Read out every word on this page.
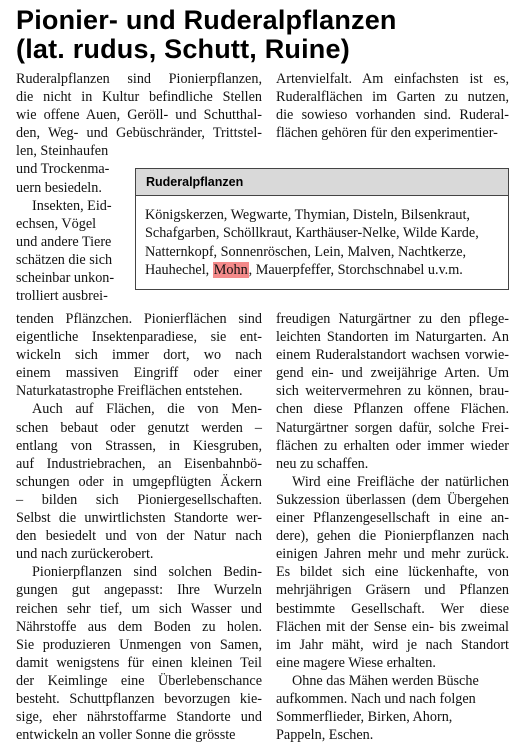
Pionier- und Ruderalpflanzen
(lat. rudus, Schutt, Ruine)

Ruderalpflanzen sind Pionierpflanzen,
die nicht in Kultur befindliche Stellen
wie offene Auen, Geröll- und Schutthal-
den, Weg- und Gebüschränder, Trittstel-
len, Steinhaufen
und Trockenma-
uern besiedeln.
Insekten, Eid-
echsen, Vögel
und andere Tiere
schätzen die sich
scheinbar unkon-
trolliert ausbrei-

tenden Pflänzchen. Pionierflächen sind
eigentliche Insektenparadiese, sie ent-
wickeln sich immer dort, wo nach
einem massiven Eingriff oder einer
Naturkatastrophe Freiflächen entstehen.

Auch auf Flächen, die von Men-
schen bebaut oder genutzt werden –
entlang von Strassen, in Kiesgruben,
auf Industriebrachen, an Eisenbahnbö-
schungen oder in umgepflügten Äckern
– bilden sich Pioniergesellschaften.
Selbst die unwirtlichsten Standorte wer-
den besiedelt und von der Natur nach
und nach zurückerobert.

Pionierpflanzen sind solchen Bedin-
gungen gut angepasst: Ihre Wurzeln
reichen sehr tief, um sich Wasser und
Nährstoffe aus dem Boden zu holen.
Sie produzieren Unmengen von Samen,
damit wenigstens für einen kleinen Teil
der Keimlinge eine Überlebenschance
besteht. Schuttpflanzen bevorzugen kie-
sige, eher nährstoffarme Standorte und
entwickeln an voller Sonne die grösste

Artenvielfalt. Am einfachsten ist es,
Ruderalflächen im Garten zu nutzen,
die sowieso vorhanden sind. Ruderal-
flächen gehören für den experimentier-

freudigen Naturgärtner zu den pflege-
leichten Standorten im Naturgarten. An
einem Ruderalstandort wachsen vorwie-
gend ein- und zweijährige Arten. Um
sich weitervermehren zu können, brau-
chen diese Pflanzen offene Flächen.
Naturgärtner sorgen dafür, solche Frei-
flächen zu erhalten oder immer wieder
neu zu schaffen.

Wird eine Freifläche der natürlichen
Sukzession überlassen (dem Übergehen
einer Pflanzengesellschaft in eine an-
dere), gehen die Pionierpflanzen nach
einigen Jahren mehr und mehr zurück.
Es bildet sich eine lückenhafte, von
mehrjährigen Gräsern und Pflanzen
bestimmte Gesellschaft. Wer diese
Flächen mit der Sense ein- bis zweimal
im Jahr mäht, wird je nach Standort
eine magere Wiese erhalten.

Ohne das Mähen werden Büsche
aufkommen. Nach und nach folgen
Sommerflieder, Birken, Ahorn,
Pappeln, Eschen.

Ruderalpflanzen
Königskerzen, Wegwarte, Thymian, Disteln, Bilsenkraut,
Schafgarben, Schöllkraut, Karthäuser-Nelke, Wilde Karde,
Natternkopf, Sonnenröschen, Lein, Malven, Nachtkerze,
Hauhechel, Mohn, Mauerpfeffer, Storchschnabel u.v.m.
